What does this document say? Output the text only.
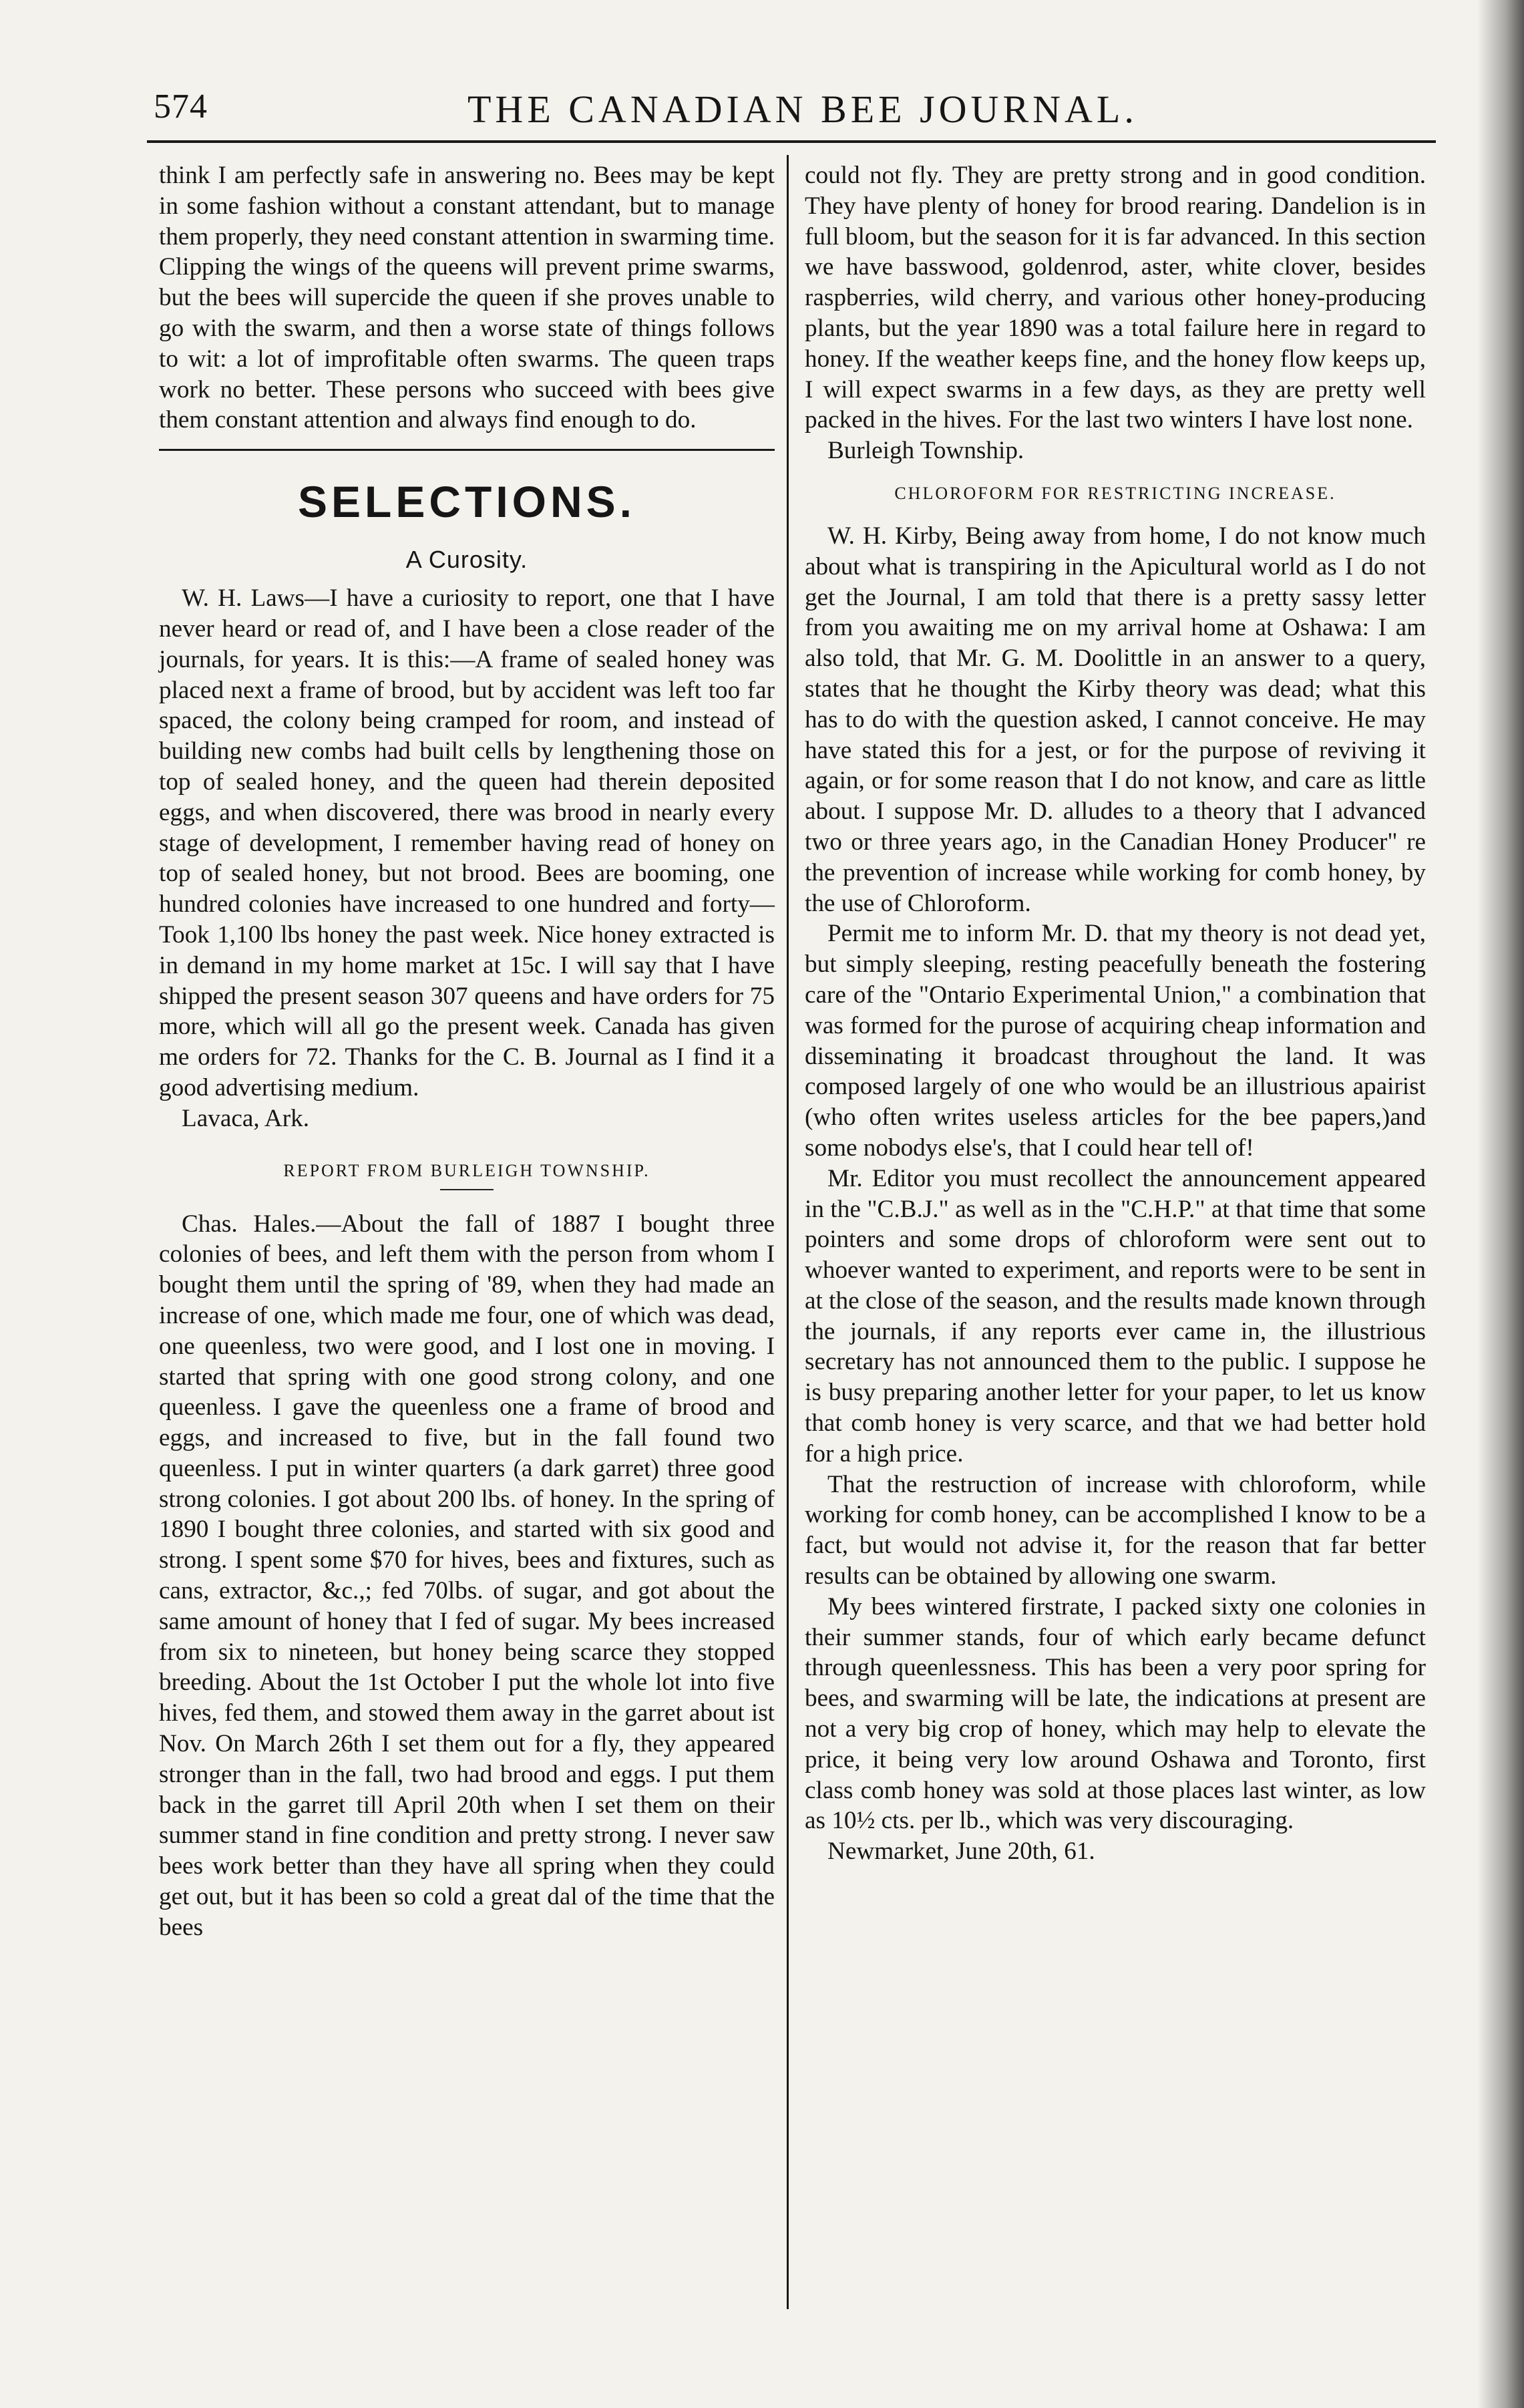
574	THE CANADIAN BEE JOURNAL.

think I am perfectly safe in answering no. Bees may be kept in some fashion without a constant attendant, but to manage them properly, they need constant attention in swarming time. Clipping the wings of the queens will prevent prime swarms, but the bees will supercide the queen if she proves unable to go with the swarm, and then a worse state of things follows to wit: a lot of improfitable often swarms. The queen traps work no better. These persons who succeed with bees give them constant attention and always find enough to do.

SELECTIONS.
A Curosity.

W. H. Laws—I have a curiosity to report, one that I have never heard or read of, and I have been a close reader of the journals, for years. It is this:—A frame of sealed honey was placed next a frame of brood, but by accident was left too far spaced, the colony being cramped for room, and instead of building new combs had built cells by lengthening those on top of sealed honey, and the queen had therein deposited eggs, and when discovered, there was brood in nearly every stage of development, I remember having read of honey on top of sealed honey, but not brood. Bees are booming, one hundred colonies have increased to one hundred and forty—Took 1,100 lbs honey the past week. Nice honey extracted is in demand in my home market at 15c. I will say that I have shipped the present season 307 queens and have orders for 75 more, which will all go the present week. Canada has given me orders for 72. Thanks for the C. B. Journal as I find it a good advertising medium.

Lavaca, Ark.

REPORT FROM BURLEIGH TOWNSHIP.

Chas. Hales.—About the fall of 1887 I bought three colonies of bees, and left them with the person from whom I bought them until the spring of '89, when they had made an increase of one, which made me four, one of which was dead, one queenless, two were good, and I lost one in moving. I started that spring with one good strong colony, and one queenless. I gave the queenless one a frame of brood and eggs, and increased to five, but in the fall found two queenless. I put in winter quarters (a dark garret) three good strong colonies. I got about 200 lbs. of honey. In the spring of 1890 I bought three colonies, and started with six good and strong. I spent some $70 for hives, bees and fixtures, such as cans, extractor, &c.,; fed 70lbs. of sugar, and got about the same amount of honey that I fed of sugar. My bees increased from six to nineteen, but honey being scarce they stopped breeding. About the 1st October I put the whole lot into five hives, fed them, and stowed them away in the garret about ist Nov. On March 26th I set them out for a fly, they appeared stronger than in the fall, two had brood and eggs. I put them back in the garret till April 20th when I set them on their summer stand in fine condition and pretty strong. I never saw bees work better than they have all spring when they could get out, but it has been so cold a great dal of the time that the bees

could not fly. They are pretty strong and in good condition. They have plenty of honey for brood rearing. Dandelion is in full bloom, but the season for it is far advanced. In this section we have basswood, goldenrod, aster, white clover, besides raspberries, wild cherry, and various other honey-producing plants, but the year 1890 was a total failure here in regard to honey. If the weather keeps fine, and the honey flow keeps up, I will expect swarms in a few days, as they are pretty well packed in the hives. For the last two winters I have lost none.

Burleigh Township.

CHLOROFORM FOR RESTRICTING INCREASE.

W. H. Kirby, Being away from home, I do not know much about what is transpiring in the Apicultural world as I do not get the Journal, I am told that there is a pretty sassy letter from you awaiting me on my arrival home at Oshawa: I am also told, that Mr. G. M. Doolittle in an answer to a query, states that he thought the Kirby theory was dead; what this has to do with the question asked, I cannot conceive. He may have stated this for a jest, or for the purpose of reviving it again, or for some reason that I do not know, and care as little about. I suppose Mr. D. alludes to a theory that I advanced two or three years ago, in the Canadian Honey Producer" re the prevention of increase while working for comb honey, by the use of Chloroform.

Permit me to inform Mr. D. that my theory is not dead yet, but simply sleeping, resting peacefully beneath the fostering care of the "Ontario Experimental Union," a combination that was formed for the purose of acquiring cheap information and disseminating it broadcast throughout the land. It was composed largely of one who would be an illustrious apairist (who often writes useless articles for the bee papers,)and some nobodys else's, that I could hear tell of!

Mr. Editor you must recollect the announcement appeared in the "C.B.J." as well as in the "C.H.P." at that time that some pointers and some drops of chloroform were sent out to whoever wanted to experiment, and reports were to be sent in at the close of the season, and the results made known through the journals, if any reports ever came in, the illustrious secretary has not announced them to the public. I suppose he is busy preparing another letter for your paper, to let us know that comb honey is very scarce, and that we had better hold for a high price.

That the restruction of increase with chloroform, while working for comb honey, can be accomplished I know to be a fact, but would not advise it, for the reason that far better results can be obtained by allowing one swarm.

My bees wintered firstrate, I packed sixty one colonies in their summer stands, four of which early became defunct through queenlessness. This has been a very poor spring for bees, and swarming will be late, the indications at present are not a very big crop of honey, which may help to elevate the price, it being very low around Oshawa and Toronto, first class comb honey was sold at those places last winter, as low as 10½ cts. per lb., which was very discouraging.

Newmarket, June 20th, 61.
